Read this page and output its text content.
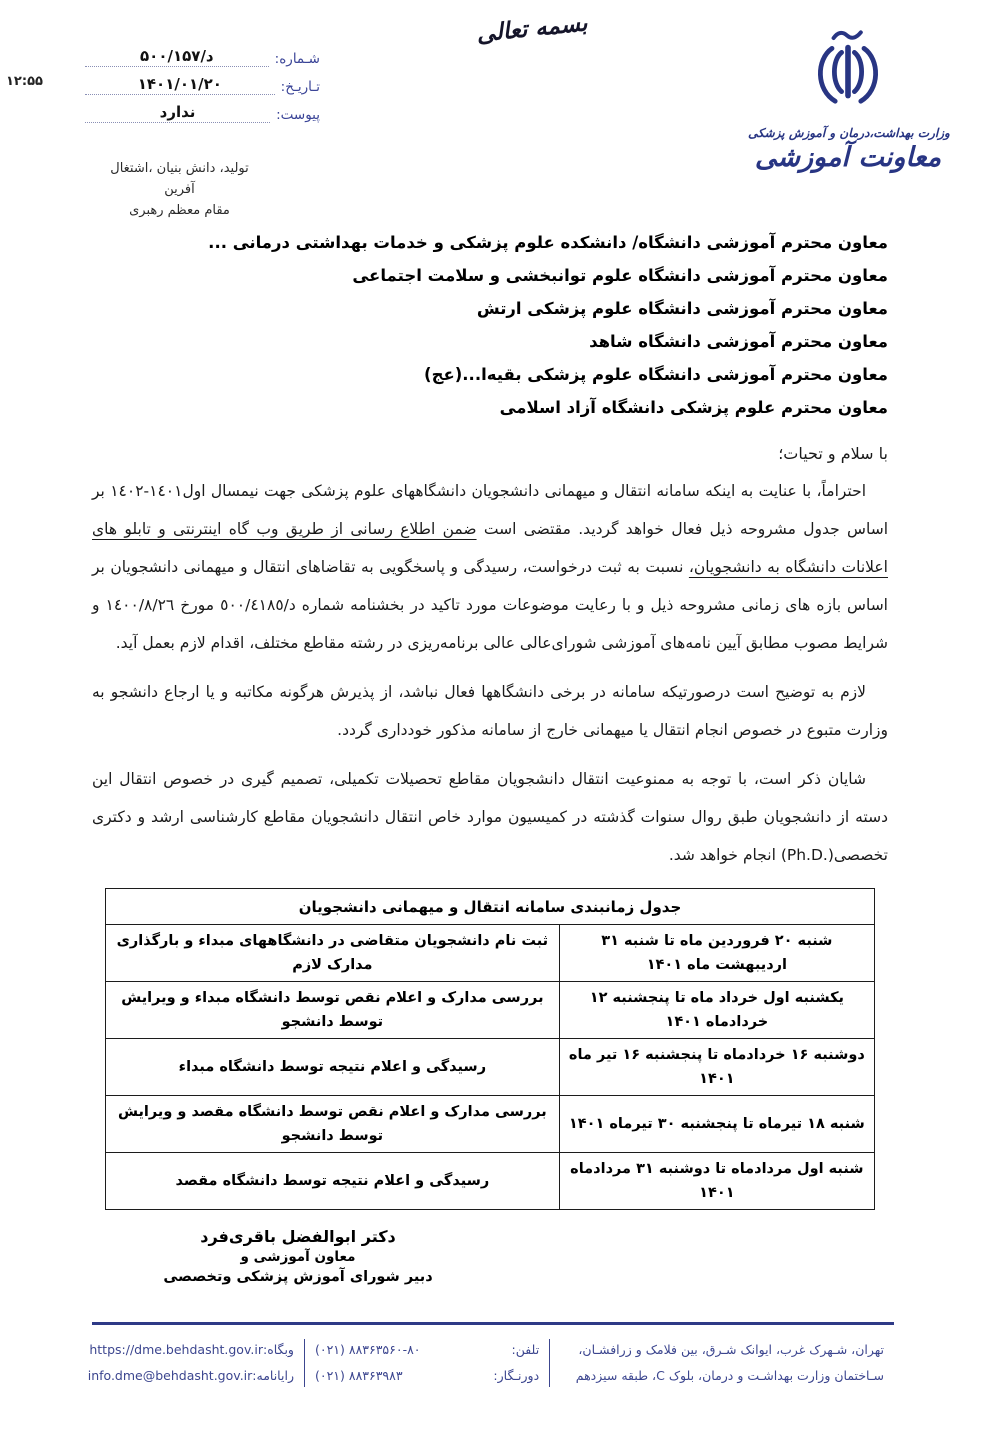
بسمه تعالی
وزارت بهداشت،درمان و آموزش پزشکی
معاونت آموزشی
شـماره:
د/۵۰۰/۱۵۷
تـاریـخ:
۱۴۰۱/۰۱/۲۰
پیوست:
ندارد
۱۲:۵۵
تولید، دانش بنیان ،اشتغال آفرین
مقام معظم رهبری
معاون محترم آموزشی دانشگاه/ دانشکده علوم پزشکی و خدمات بهداشتی درمانی ...
معاون محترم آموزشی دانشگاه علوم توانبخشی و سلامت اجتماعی
معاون محترم آموزشی دانشگاه علوم پزشکی ارتش
معاون محترم آموزشی دانشگاه شاهد
معاون محترم آموزشی دانشگاه علوم پزشکی بقیه‌ا...(عج)
معاون محترم علوم پزشکی دانشگاه آزاد اسلامی
با سلام و تحیات؛

احتراماً، با عنایت به اینکه سامانه انتقال و میهمانی دانشجویان دانشگاههای علوم پزشکی جهت نیمسال اول١٤٠١-١٤٠٢ بر اساس جدول مشروحه ذیل فعال خواهد گردید. مقتضی است ضمن اطلاع رسانی از طریق وب گاه اینترنتی و تابلو های اعلانات دانشگاه به دانشجویان، نسبت به ثبت درخواست، رسیدگی و پاسخگویی به تقاضاهای انتقال و میهمانی دانشجویان بر اساس بازه های زمانی مشروحه ذیل و با رعایت موضوعات مورد تاکید در بخشنامه شماره د/٥٠٠/٤١٨٥ مورخ ١٤٠٠/٨/٢٦ و شرایط مصوب مطابق آیین نامه‌های آموزشی شورای‌عالی عالی برنامه‌ریزی در رشته مقاطع مختلف، اقدام لازم بعمل آید.

لازم به توضیح است درصورتیکه سامانه در برخی دانشگاهها فعال نباشد، از پذیرش هرگونه مکاتبه و یا ارجاع دانشجو به وزارت متبوع در خصوص انجام انتقال یا میهمانی خارج از سامانه مذکور خودداری گردد.

شایان ذکر است، با توجه به ممنوعیت انتقال دانشجویان مقاطع تحصیلات تکمیلی، تصمیم گیری در خصوص انتقال این دسته از دانشجویان طبق روال سنوات گذشته در کمیسیون موارد خاص انتقال دانشجویان مقاطع کارشناسی ارشد و دکتری تخصصی(Ph.D.) انجام خواهد شد.

جدول زمانبندی سامانه انتقال و میهمانی دانشجویان	
شنبه ۲۰ فروردین ماه تا شنبه ۳۱ اردیبهشت ماه ۱۴۰۱	ثبت نام دانشجویان متقاضی در دانشگاههای مبداء و بارگذاری مدارک لازم
یکشنبه اول خرداد ماه تا پنجشنبه ۱۲ خردادماه ۱۴۰۱	بررسی مدارک و اعلام نقص توسط دانشگاه مبداء و ویرایش توسط دانشجو
دوشنبه ۱۶ خردادماه تا پنجشنبه ۱۶ تیر ماه ۱۴۰۱	رسیدگی و اعلام نتیجه توسط دانشگاه مبداء
شنبه ۱۸ تیرماه تا پنجشنبه ۳۰ تیرماه ۱۴۰۱	بررسی مدارک و اعلام نقص توسط دانشگاه مقصد و ویرایش توسط دانشجو
شنبه اول مردادماه تا دوشنبه ۳۱ مردادماه ۱۴۰۱	رسیدگی و اعلام نتیجه توسط دانشگاه مقصد
دکتر ابوالفضل باقری‌فرد
معاون آموزشی و
دبیر شورای آموزش پزشکی وتخصصی
تهران، شـهرک غرب، ایوانک شـرق، بین فلامک و زرافشـان،
سـاختمان وزارت بهداشـت و درمان، بلوک C، طبقه سیزدهم
تلفن:
(۰۲۱) ۸۸۳۶۳۵۶۰-۸۰
دورنـگار:
(۰۲۱) ۸۸۳۶۳۹۸۳
وبگاه:
https://dme.behdasht.gov.ir
رایانامه:
info.dme@behdasht.gov.ir
